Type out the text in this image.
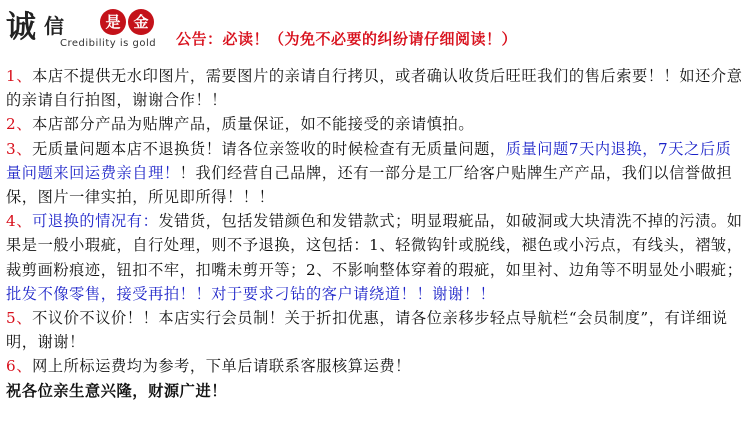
诚 信	是 金
Credibility is gold 公告：必读！（为免不必要的纠纷请仔细阅读！）

1、本店不提供无水印图片，需要图片的亲请自行拷贝，或者确认收货后旺旺我们的售后索要！！如还介意的亲请自行拍图，谢谢合作！！

2、本店部分产品为贴牌产品，质量保证，如不能接受的亲请慎拍。

3、无质量问题本店不退换货！请各位亲签收的时候检查有无质量问题，质量问题7天内退换，7天之后质量问题来回运费亲自理！！我们经营自己品牌，还有一部分是工厂给客户贴牌生产产品，我们以信誉做担保，图片一律实拍，所见即所得！！！

4、可退换的情况有：发错货，包括发错颜色和发错款式；明显瑕疵品，如破洞或大块清洗不掉的污渍。如果是一般小瑕疵，自行处理，则不予退换，这包括：1、轻微钩针或脱线，褪色或小污点，有线头，褶皱，裁剪画粉痕迹，钮扣不牢，扣嘴未剪开等；2、不影响整体穿着的瑕疵，如里衬、边角等不明显处小暇疵；批发不像零售，接受再拍！！对于要求刁钻的客户请绕道！！谢谢！！

5、不议价不议价！！本店实行会员制！关于折扣优惠，请各位亲移步轻点导航栏“会员制度”，有详细说明，谢谢！

6、网上所标运费均为参考，下单后请联系客服核算运费！

祝各位亲生意兴隆，财源广进！
